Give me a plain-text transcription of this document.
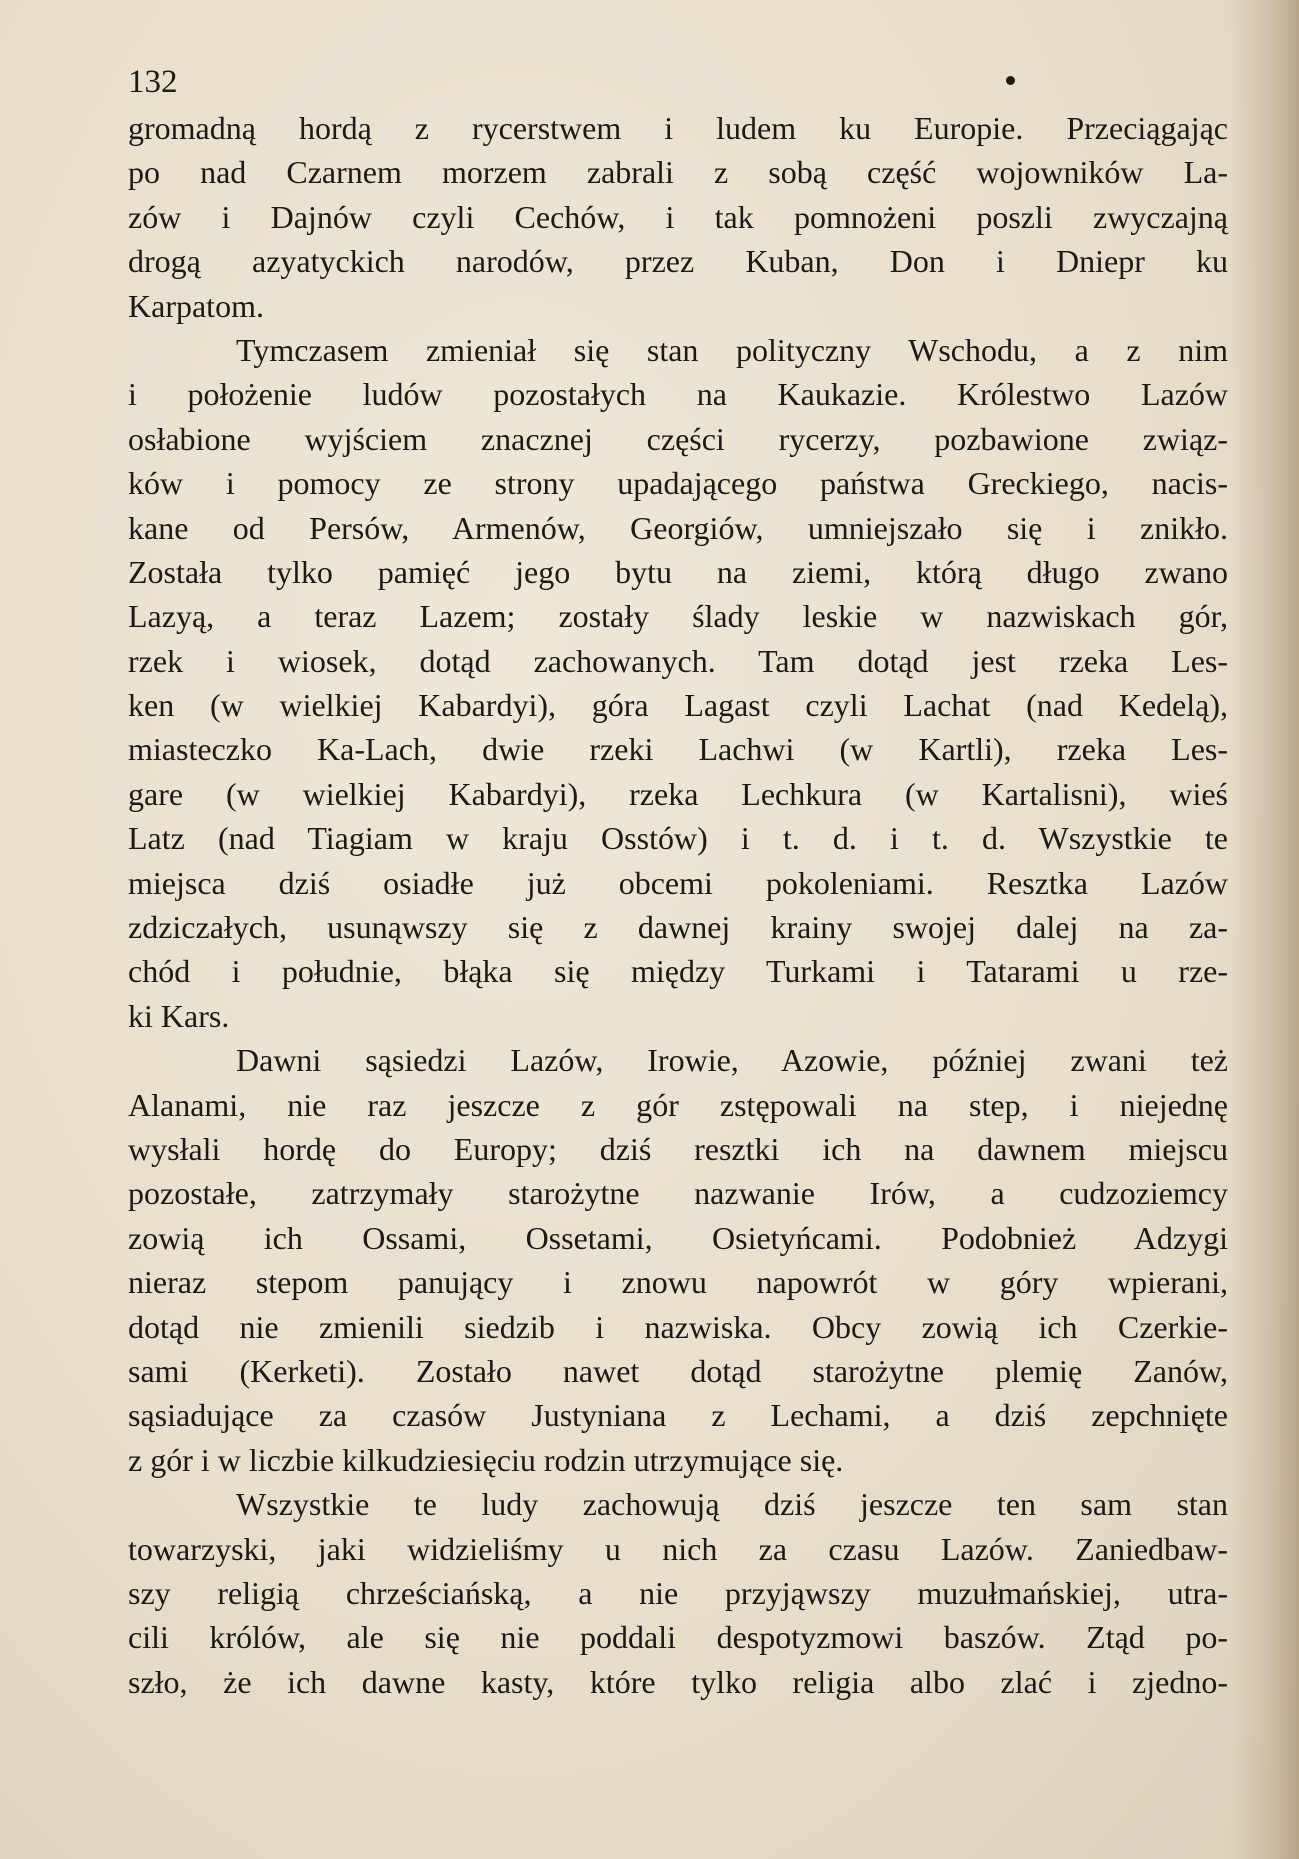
132
gromadną hordą z rycerstwem i ludem ku Europie. Przeciągając
po nad Czarnem morzem zabrali z sobą część wojowników La-
zów i Dajnów czyli Cechów, i tak pomnożeni poszli zwyczajną
drogą azyatyckich narodów, przez Kuban, Don i Dniepr ku
Karpatom.
Tymczasem zmieniał się stan polityczny Wschodu, a z nim
i położenie ludów pozostałych na Kaukazie. Królestwo Lazów
osłabione wyjściem znacznej części rycerzy, pozbawione związ-
ków i pomocy ze strony upadającego państwa Greckiego, nacis-
kane od Persów, Armenów, Georgiów, umniejszało się i znikło.
Została tylko pamięć jego bytu na ziemi, którą długo zwano
Lazyą, a teraz Lazem; zostały ślady leskie w nazwiskach gór,
rzek i wiosek, dotąd zachowanych. Tam dotąd jest rzeka Les-
ken (w wielkiej Kabardyi), góra Lagast czyli Lachat (nad Kedelą),
miasteczko Ka-Lach, dwie rzeki Lachwi (w Kartli), rzeka Les-
gare (w wielkiej Kabardyi), rzeka Lechkura (w Kartalisni), wieś
Latz (nad Tiagiam w kraju Osstów) i t. d. i t. d. Wszystkie te
miejsca dziś osiadłe już obcemi pokoleniami. Resztka Lazów
zdziczałych, usunąwszy się z dawnej krainy swojej dalej na za-
chód i południe, błąka się między Turkami i Tatarami u rze-
ki Kars.
Dawni sąsiedzi Lazów, Irowie, Azowie, później zwani też
Alanami, nie raz jeszcze z gór zstępowali na step, i niejednę
wysłali hordę do Europy; dziś resztki ich na dawnem miejscu
pozostałe, zatrzymały starożytne nazwanie Irów, a cudzoziemcy
zowią ich Ossami, Ossetami, Osietyńcami. Podobnież Adzygi
nieraz stepom panujący i znowu napowrót w góry wpierani,
dotąd nie zmienili siedzib i nazwiska. Obcy zowią ich Czerkie-
sami (Kerketi). Zostało nawet dotąd starożytne plemię Zanów,
sąsiadujące za czasów Justyniana z Lechami, a dziś zepchnięte
z gór i w liczbie kilkudziesięciu rodzin utrzymujące się.
Wszystkie te ludy zachowują dziś jeszcze ten sam stan
towarzyski, jaki widzieliśmy u nich za czasu Lazów. Zaniedbaw-
szy religią chrześciańską, a nie przyjąwszy muzułmańskiej, utra-
cili królów, ale się nie poddali despotyzmowi baszów. Ztąd po-
szło, że ich dawne kasty, które tylko religia albo zlać i zjedno-
